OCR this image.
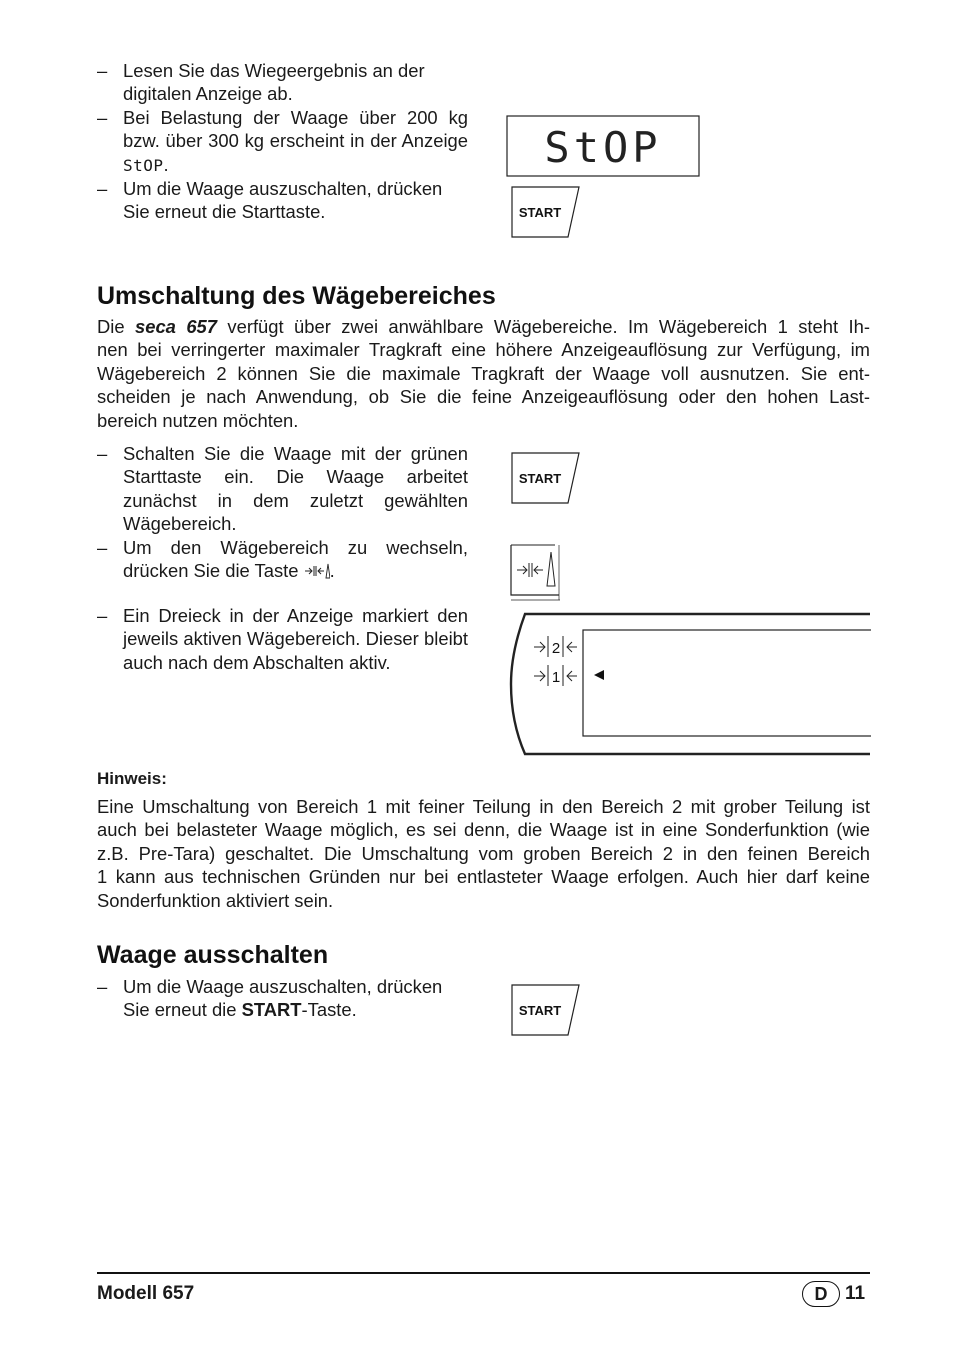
– Lesen Sie das Wiegeergebnis an der digitalen Anzeige ab.
– Bei Belastung der Waage über 200 kg bzw. über 300 kg erscheint in der Anzeige StOP.
– Um die Waage auszuschalten, drücken Sie erneut die Starttaste.
StOP
START
Umschaltung des Wägebereiches
Die seca 657 verfügt über zwei anwählbare Wägebereiche. Im Wägebereich 1 steht Ih-
nen bei verringerter maximaler Tragkraft eine höhere Anzeigeauflösung zur Verfügung, im
Wägebereich 2 können Sie die maximale Tragkraft der Waage voll ausnutzen. Sie ent-
scheiden je nach Anwendung, ob Sie die feine Anzeigeauflösung oder den hohen Last-
bereich nutzen möchten.
– Schalten Sie die Waage mit der grünen Starttaste ein. Die Waage arbeitet zunächst in dem zuletzt gewählten Wägebereich.
– Um den Wägebereich zu wechseln, drücken Sie die Taste .
– Ein Dreieck in der Anzeige markiert den jeweils aktiven Wägebereich. Dieser bleibt auch nach dem Abschalten aktiv.
START
2
1
Hinweis:
Eine Umschaltung von Bereich 1 mit feiner Teilung in den Bereich 2 mit grober Teilung ist
auch bei belasteter Waage möglich, es sei denn, die Waage ist in eine Sonderfunktion (wie
z.B. Pre-Tara) geschaltet. Die Umschaltung vom groben Bereich 2 in den feinen Bereich
1 kann aus technischen Gründen nur bei entlasteter Waage erfolgen. Auch hier darf keine
Sonderfunktion aktiviert sein.
Waage ausschalten
– Um die Waage auszuschalten, drücken Sie erneut die START-Taste.	START
Modell 657	D 11
